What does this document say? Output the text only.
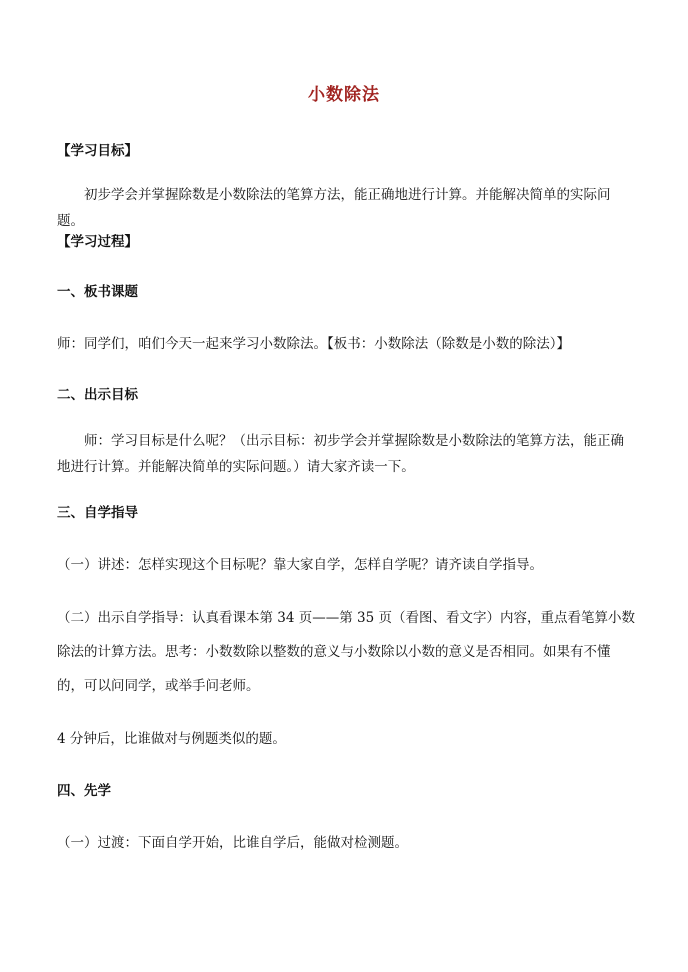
小数除法
【学习目标】
初步学会并掌握除数是小数除法的笔算方法，能正确地进行计算。并能解决简单的实际问题。
【学习过程】
一、板书课题
师：同学们，咱们今天一起来学习小数除法。【板书：小数除法（除数是小数的除法）】
二、出示目标
师：学习目标是什么呢？（出示目标：初步学会并掌握除数是小数除法的笔算方法，能正确地进行计算。并能解决简单的实际问题。）请大家齐读一下。
三、自学指导
（一）讲述：怎样实现这个目标呢？靠大家自学，怎样自学呢？请齐读自学指导。
（二）出示自学指导：认真看课本第 34 页——第 35 页（看图、看文字）内容，重点看笔算小数除法的计算方法。思考：小数数除以整数的意义与小数除以小数的意义是否相同。如果有不懂的，可以问同学，或举手问老师。
4 分钟后，比谁做对与例题类似的题。
四、先学
（一）过渡：下面自学开始，比谁自学后，能做对检测题。
